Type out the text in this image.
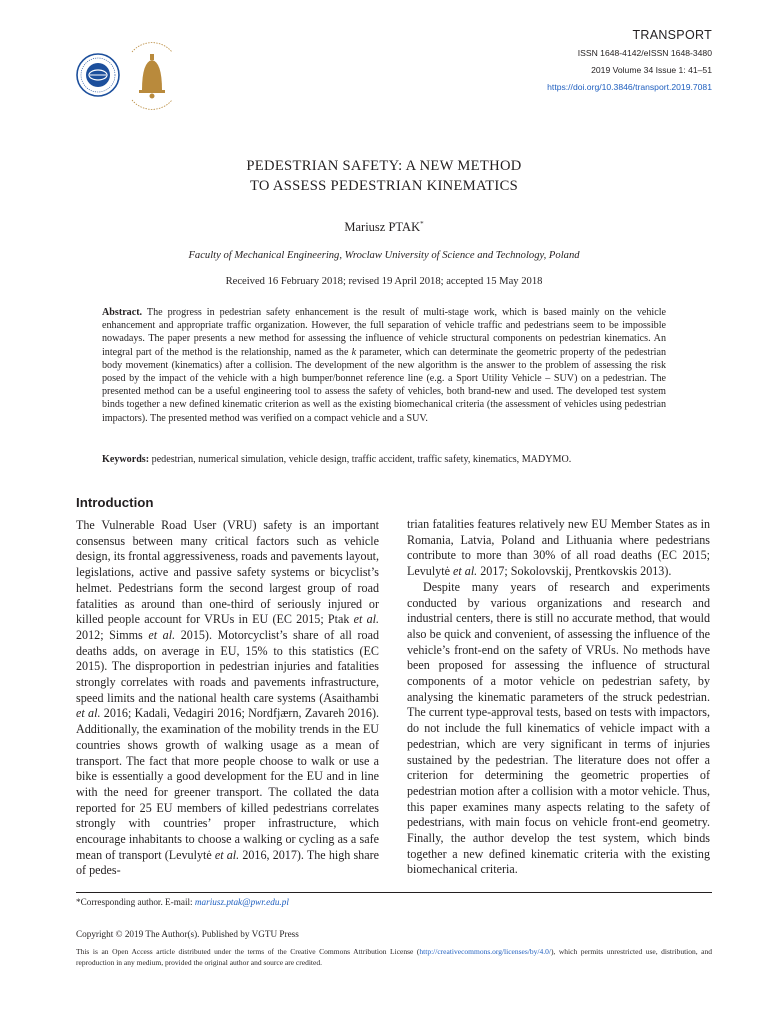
TRANSPORT
ISSN 1648-4142/eISSN 1648-3480
2019 Volume 34 Issue 1: 41–51
https://doi.org/10.3846/transport.2019.7081
PEDESTRIAN SAFETY: A NEW METHOD
TO ASSESS PEDESTRIAN KINEMATICS
Mariusz PTAK*
Faculty of Mechanical Engineering, Wroclaw University of Science and Technology, Poland
Received 16 February 2018; revised 19 April 2018; accepted 15 May 2018
Abstract. The progress in pedestrian safety enhancement is the result of multi-stage work, which is based mainly on the vehicle enhancement and appropriate traffic organization. However, the full separation of vehicle traffic and pedestrians seem to be impossible nowadays. The paper presents a new method for assessing the influence of vehicle structural components on pedestrian kinematics. An integral part of the method is the relationship, named as the k parameter, which can determinate the geometric property of the pedestrian body movement (kinematics) after a collision. The development of the new algorithm is the answer to the problem of assessing the risk posed by the impact of the vehicle with a high bumper/bonnet reference line (e.g. a Sport Utility Vehicle – SUV) on a pedestrian. The presented method can be a useful engineering tool to assess the safety of vehicles, both brand-new and used. The developed test system binds together a new defined kinematic criterion as well as the existing biomechanical criteria (the assessment of vehicles using pedestrian impactors). The presented method was verified on a compact vehicle and a SUV.
Keywords: pedestrian, numerical simulation, vehicle design, traffic accident, traffic safety, kinematics, MADYMO.
Introduction

The Vulnerable Road User (VRU) safety is an important consensus between many critical factors such as vehicle design, its frontal aggressiveness, roads and pavements layout, legislations, active and passive safety systems or bicyclist’s helmet. Pedestrians form the second largest group of road fatalities as around than one-third of seriously injured or killed people account for VRUs in EU (EC 2015; Ptak et al. 2012; Simms et al. 2015). Motorcyclist’s share of all road deaths adds, on average in EU, 15% to this statistics (EC 2015). The disproportion in pedestrian injuries and fatalities strongly correlates with roads and pavements infrastructure, speed limits and the national health care systems (Asaithambi et al. 2016; Kadali, Vedagiri 2016; Nordfjærn, Zavareh 2016). Additionally, the examination of the mobility trends in the EU countries shows growth of walking usage as a mean of transport. The fact that more people choose to walk or use a bike is essentially a good development for the EU and in line with the need for greener transport. The collated the data reported for 25 EU members of killed pedestrians correlates strongly with countries’ proper infrastructure, which encourage inhabitants to choose a walking or cycling as a safe mean of transport (Levulytė et al. 2016, 2017). The high share of pedes-

trian fatalities features relatively new EU Member States as in Romania, Latvia, Poland and Lithuania where pedestrians contribute to more than 30% of all road deaths (EC 2015; Levulytė et al. 2017; Sokolovskij, Prentkovskis 2013).

Despite many years of research and experiments conducted by various organizations and research and industrial centers, there is still no accurate method, that would also be quick and convenient, of assessing the influence of the vehicle’s front-end on the safety of VRUs. No methods have been proposed for assessing the influence of structural components of a motor vehicle on pedestrian safety, by analysing the kinematic parameters of the struck pedestrian. The current type-approval tests, based on tests with impactors, do not include the full kinematics of vehicle impact with a pedestrian, which are very significant in terms of injuries sustained by the pedestrian. The literature does not offer a criterion for determining the geometric properties of pedestrian motion after a collision with a motor vehicle. Thus, this paper examines many aspects relating to the safety of pedestrians, with main focus on vehicle front-end geometry. Finally, the author develop the test system, which binds together a new defined kinematic criteria with the existing biomechanical criteria.

*Corresponding author. E-mail: mariusz.ptak@pwr.edu.pl
Copyright © 2019 The Author(s). Published by VGTU Press
This is an Open Access article distributed under the terms of the Creative Commons Attribution License (http://creativecommons.org/licenses/by/4.0/), which permits unrestricted use, distribution, and reproduction in any medium, provided the original author and source are credited.
